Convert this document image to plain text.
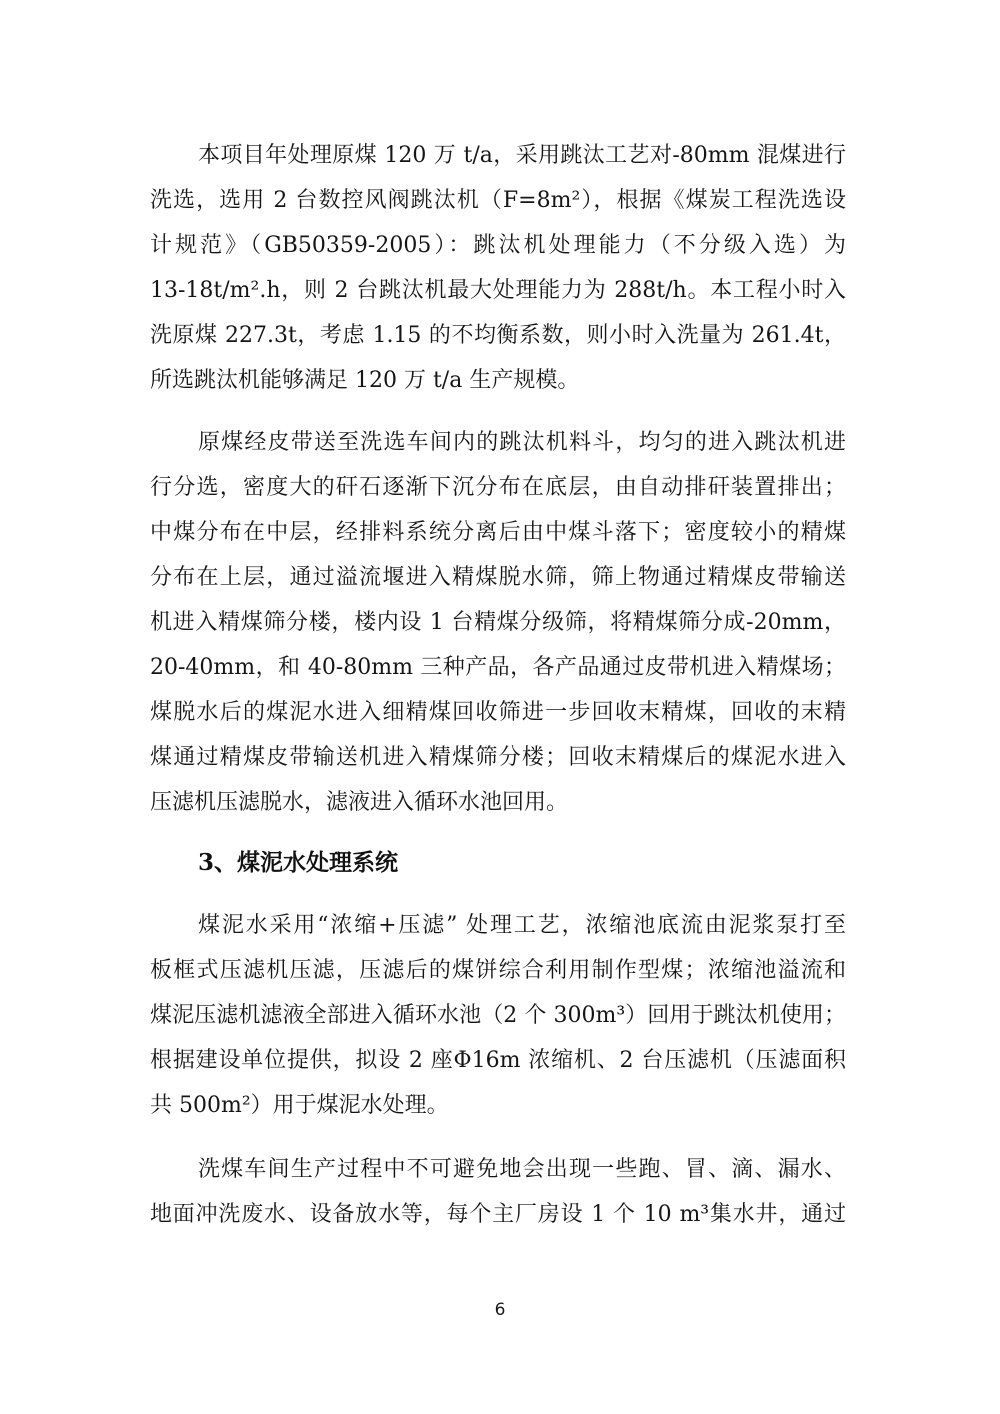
本项目年处理原煤 120 万 t/a，采用跳汰工艺对-80mm 混煤进行
洗选，选用 2 台数控风阀跳汰机（F=8m²），根据《煤炭工程洗选设
计规范》（GB50359-2005）：跳汰机处理能力（不分级入选）为
13-18t/m².h，则 2 台跳汰机最大处理能力为 288t/h。本工程小时入
洗原煤 227.3t，考虑 1.15 的不均衡系数，则小时入洗量为 261.4t，
所选跳汰机能够满足 120 万 t/a 生产规模。
原煤经皮带送至洗选车间内的跳汰机料斗，均匀的进入跳汰机进
行分选，密度大的矸石逐渐下沉分布在底层，由自动排矸装置排出；
中煤分布在中层，经排料系统分离后由中煤斗落下；密度较小的精煤
分布在上层，通过溢流堰进入精煤脱水筛，筛上物通过精煤皮带输送
机进入精煤筛分楼，楼内设 1 台精煤分级筛，将精煤筛分成-20mm，
20-40mm，和 40-80mm 三种产品，各产品通过皮带机进入精煤场；
煤脱水后的煤泥水进入细精煤回收筛进一步回收末精煤，回收的末精
煤通过精煤皮带输送机进入精煤筛分楼；回收末精煤后的煤泥水进入
压滤机压滤脱水，滤液进入循环水池回用。
3、煤泥水处理系统
煤泥水采用“浓缩+压滤” 处理工艺，浓缩池底流由泥浆泵打至
板框式压滤机压滤，压滤后的煤饼综合利用制作型煤；浓缩池溢流和
煤泥压滤机滤液全部进入循环水池（2 个 300m³）回用于跳汰机使用；
根据建设单位提供，拟设 2 座Φ16m 浓缩机、2 台压滤机（压滤面积
共 500m²）用于煤泥水处理。
洗煤车间生产过程中不可避免地会出现一些跑、冒、滴、漏水、
地面冲洗废水、设备放水等，每个主厂房设 1 个 10 m³集水井，通过
6
